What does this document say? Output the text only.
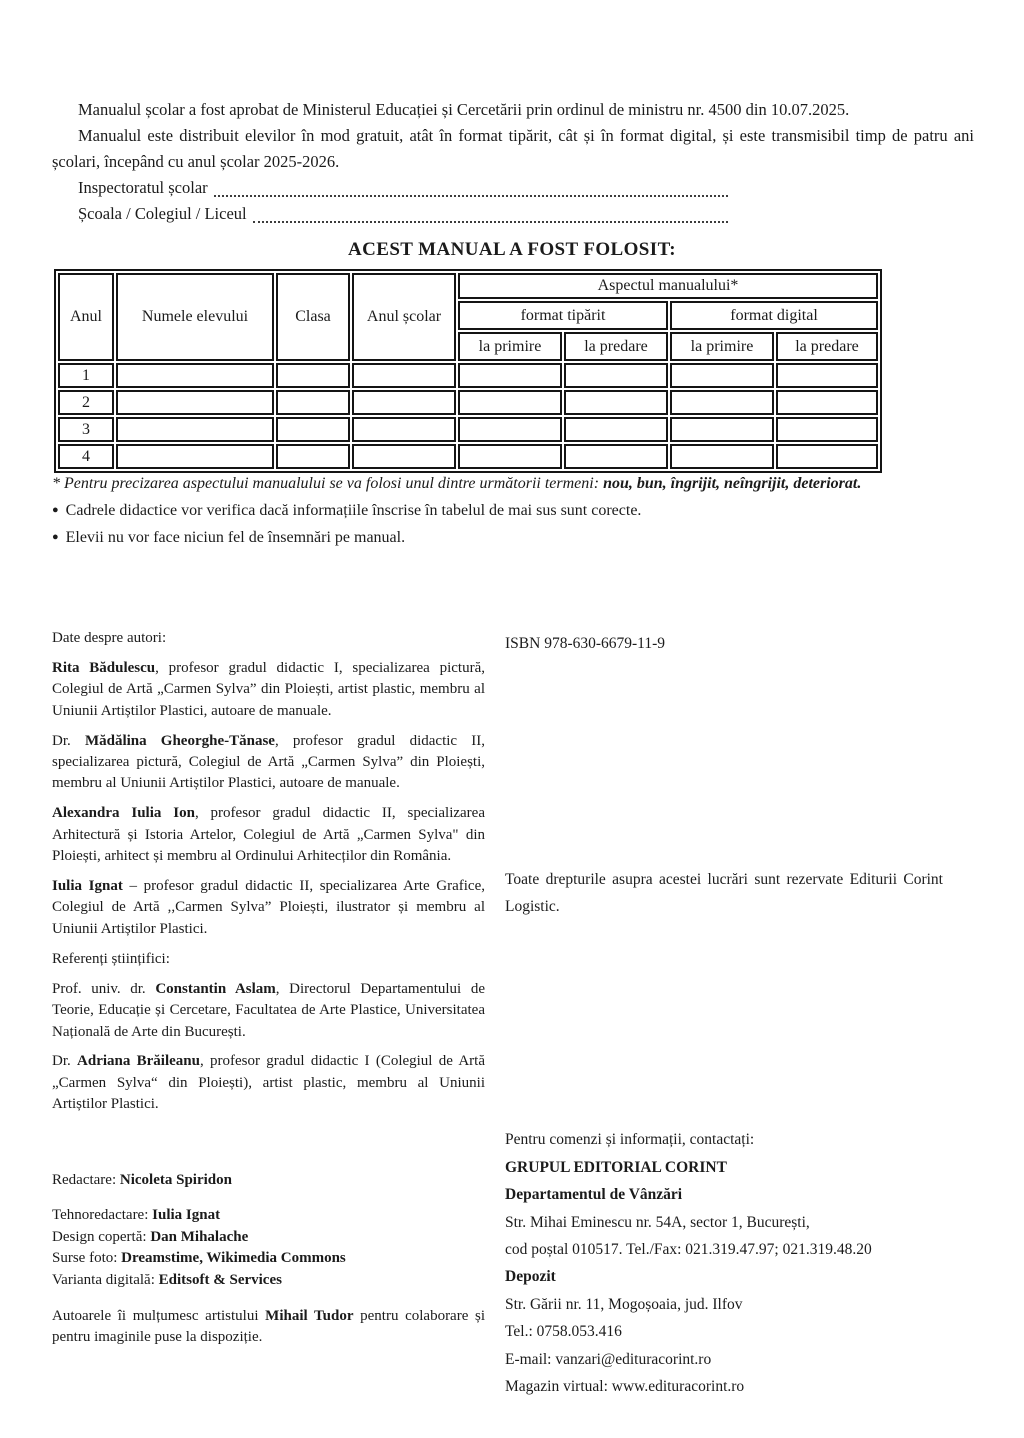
Manualul școlar a fost aprobat de Ministerul Educației și Cercetării prin ordinul de ministru nr. 4500 din 10.07.2025.

Manualul este distribuit elevilor în mod gratuit, atât în format tipărit, cât și în format digital, și este transmisibil timp de patru ani școlari, începând cu anul școlar 2025-2026.

Inspectoratul școlar
Școala / Colegiul / Liceul
ACEST MANUAL A FOST FOLOSIT:
Anul	Numele elevului	Clasa	Anul școlar	Aspectul manualului*			
				format tipărit		format digital	
				la primire	la predare	la primire	la predare
1							
2							
3							
4							
* Pentru precizarea aspectului manualului se va folosi unul dintre următorii termeni: nou, bun, îngrijit, neîngrijit, deteriorat.
● Cadrele didactice vor verifica dacă informațiile înscrise în tabelul de mai sus sunt corecte.
● Elevii nu vor face niciun fel de însemnări pe manual.
Date despre autori:

Rita Bădulescu, profesor gradul didactic I, specializarea pictură, Colegiul de Artă „Carmen Sylva” din Ploiești, artist plastic, membru al Uniunii Artiștilor Plastici, autoare de manuale.

Dr. Mădălina Gheorghe-Tănase, profesor gradul didactic II, specializarea pictură, Colegiul de Artă „Carmen Sylva” din Ploiești, membru al Uniunii Artiștilor Plastici, autoare de manuale.

Alexandra Iulia Ion, profesor gradul didactic II, specializarea Arhitectură și Istoria Artelor, Colegiul de Artă „Carmen Sylva" din Ploiești, arhitect și membru al Ordinului Arhitecților din România.

Iulia Ignat – profesor gradul didactic II, specializarea Arte Grafice, Colegiul de Artă ,,Carmen Sylva” Ploiești, ilustrator și membru al Uniunii Artiștilor Plastici.

Referenți științifici:

Prof. univ. dr. Constantin Aslam, Directorul Departamentului de Teorie, Educație și Cercetare, Facultatea de Arte Plastice, Universitatea Națională de Arte din București.

Dr. Adriana Brăileanu, profesor gradul didactic I (Colegiul de Artă „Carmen Sylva“ din Ploiești), artist plastic, membru al Uniunii Artiștilor Plastici.

Redactare: Nicoleta Spiridon
Tehnoredactare: Iulia Ignat
Design copertă: Dan Mihalache
Surse foto: Dreamstime, Wikimedia Commons
Varianta digitală: Editsoft & Services

Autoarele îi mulțumesc artistului Mihail Tudor pentru colaborare și pentru imaginile puse la dispoziție.

ISBN 978-630-6679-11-9

Toate drepturile asupra acestei lucrări sunt rezervate Editurii Corint Logistic.

Pentru comenzi și informații, contactați:
GRUPUL EDITORIAL CORINT
Departamentul de Vânzări
Str. Mihai Eminescu nr. 54A, sector 1, București,
cod poștal 010517. Tel./Fax: 021.319.47.97; 021.319.48.20
Depozit
Str. Gării nr. 11, Mogoșoaia, jud. Ilfov
Tel.: 0758.053.416
E-mail: vanzari@edituracorint.ro
Magazin virtual: www.edituracorint.ro
